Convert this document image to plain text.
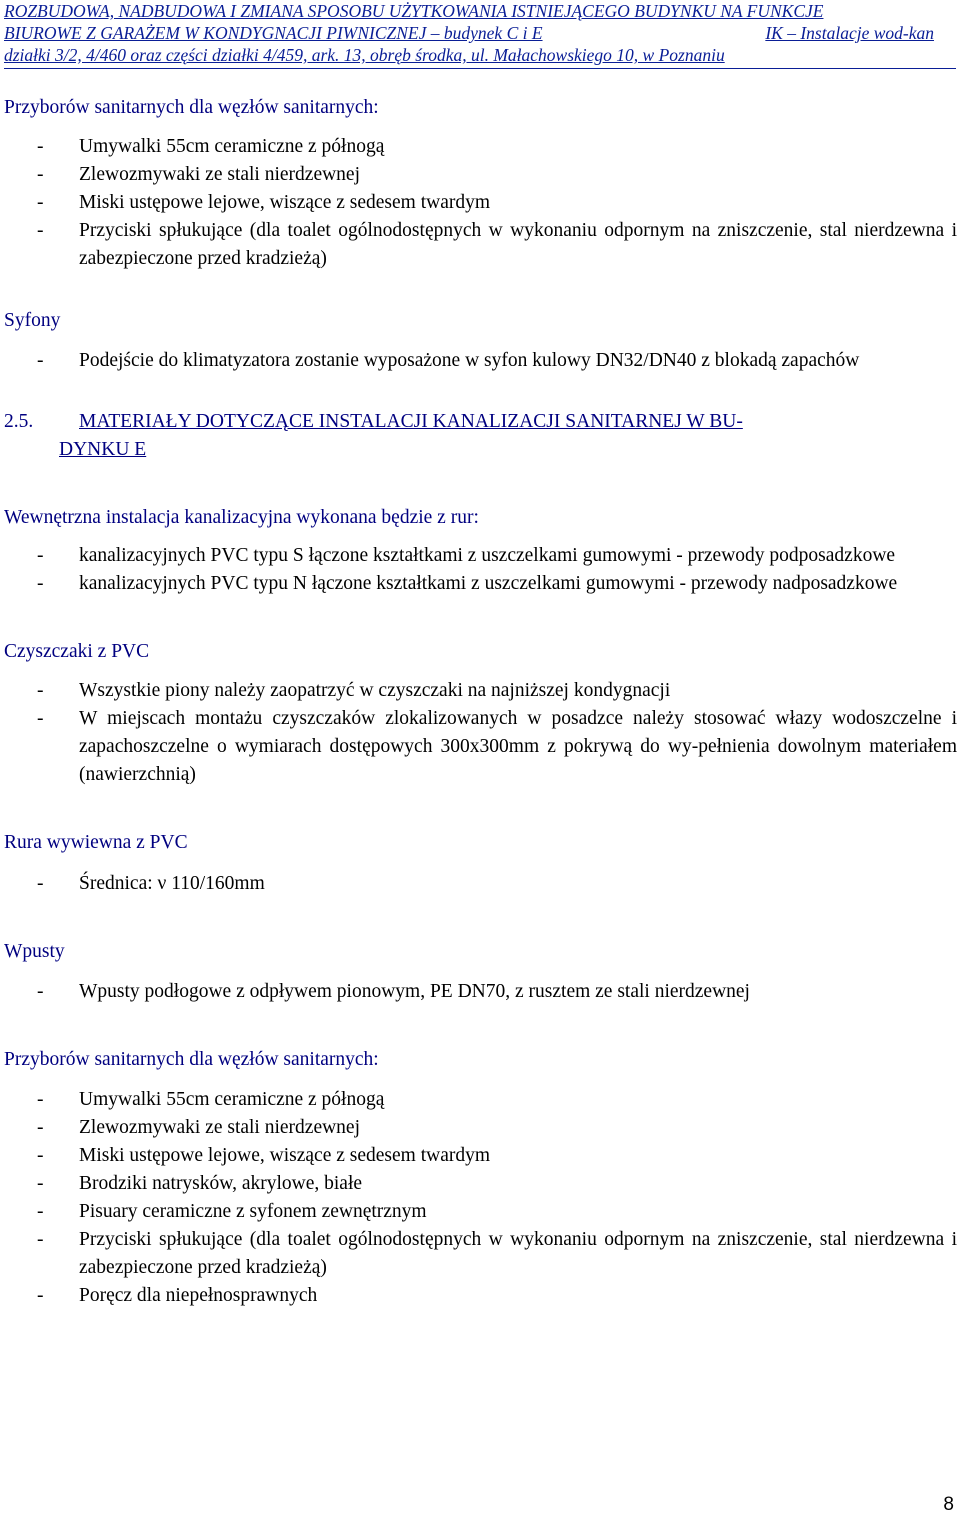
ROZBUDOWA, NADBUDOWA I ZMIANA SPOSOBU UŻYTKOWANIA ISTNIEJĄCEGO BUDYNKU NA FUNKCJE
BIUROWE Z GARAŻEM W KONDYGNACJI PIWNICZNEJ – budynek C i E	IK – Instalacje wod-kan
działki 3/2, 4/460 oraz części działki 4/459, ark. 13, obręb środka, ul. Małachowskiego 10, w Poznaniu

Przyborów sanitarnych dla węzłów sanitarnych:

- Umywalki 55cm ceramiczne z półnogą
- Zlewozmywaki ze stali nierdzewnej
- Miski ustępowe lejowe, wiszące z sedesem twardym
- Przyciski spłukujące (dla toalet ogólnodostępnych w wykonaniu odpornym na zniszczenie, stal nierdzewna i zabezpieczone przed kradzieżą)

Syfony

- Podejście do klimatyzatora zostanie wyposażone w syfon kulowy DN32/DN40 z blokadą zapachów
2.5. MATERIAŁY DOTYCZĄCE INSTALACJI KANALIZACJI SANITARNEJ W BU-
DYNKU E

Wewnętrzna instalacja kanalizacyjna wykonana będzie z rur:

- kanalizacyjnych PVC typu S łączone kształtkami z uszczelkami gumowymi - przewody podposadzkowe
- kanalizacyjnych PVC typu N łączone kształtkami z uszczelkami gumowymi - przewody nadposadzkowe

Czyszczaki z PVC

- Wszystkie piony należy zaopatrzyć w czyszczaki na najniższej kondygnacji
- W miejscach montażu czyszczaków zlokalizowanych w posadzce należy stosować włazy wodoszczelne i zapachoszczelne o wymiarach dostępowych 300x300mm z pokrywą do wy-pełnienia dowolnym materiałem (nawierzchnią)

Rura wywiewna z PVC

- Średnica: ν 110/160mm

Wpusty

- Wpusty podłogowe z odpływem pionowym, PE DN70, z rusztem ze stali nierdzewnej

Przyborów sanitarnych dla węzłów sanitarnych:

- Umywalki 55cm ceramiczne z półnogą
- Zlewozmywaki ze stali nierdzewnej
- Miski ustępowe lejowe, wiszące z sedesem twardym
- Brodziki natrysków, akrylowe, białe
- Pisuary ceramiczne z syfonem zewnętrznym
- Przyciski spłukujące (dla toalet ogólnodostępnych w wykonaniu odpornym na zniszczenie, stal nierdzewna i zabezpieczone przed kradzieżą)
- Poręcz dla niepełnosprawnych
8
